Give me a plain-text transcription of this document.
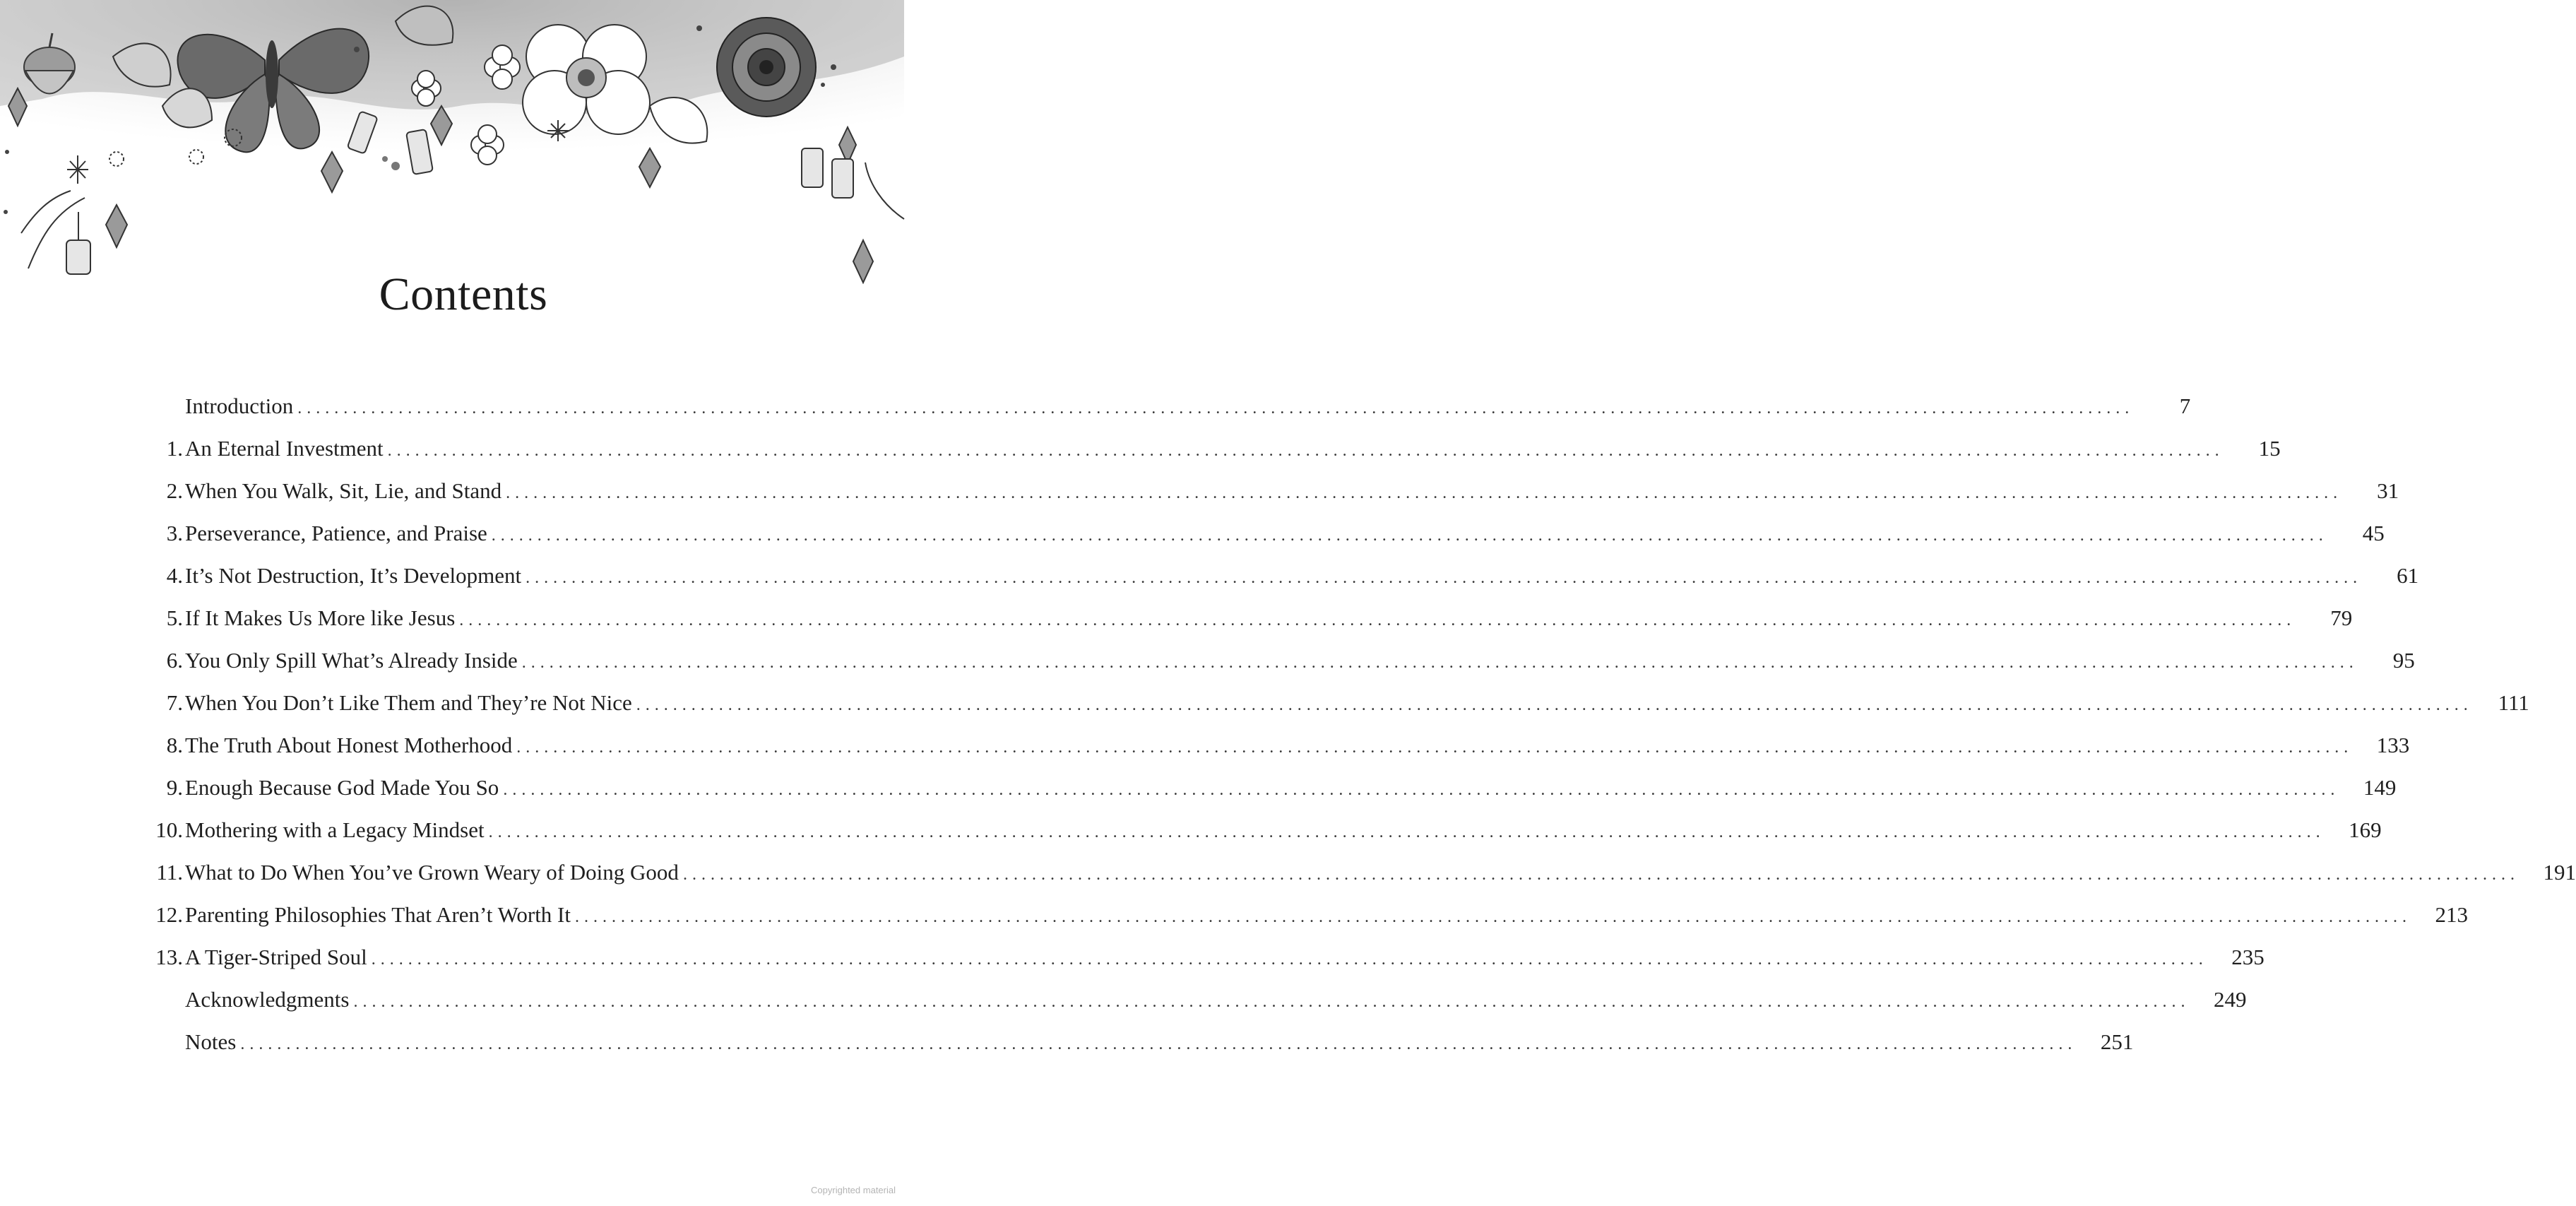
Contents
Introduction ........................................................................................................................................................................................................	7
1. An Eternal Investment ........................................................................................................................................................................................................	15
2. When You Walk, Sit, Lie, and Stand ........................................................................................................................................................................................................	31
3. Perseverance, Patience, and Praise ........................................................................................................................................................................................................	45
4. It’s Not Destruction, It’s Development ........................................................................................................................................................................................................	61
5. If It Makes Us More like Jesus ........................................................................................................................................................................................................	79
6. You Only Spill What’s Already Inside ........................................................................................................................................................................................................	95
7. When You Don’t Like Them and They’re Not Nice ........................................................................................................................................................................................................	111
8. The Truth About Honest Motherhood ........................................................................................................................................................................................................	133
9. Enough Because God Made You So ........................................................................................................................................................................................................	149
10. Mothering with a Legacy Mindset ........................................................................................................................................................................................................	169
11. What to Do When You’ve Grown Weary of Doing Good ........................................................................................................................................................................................................	191
12. Parenting Philosophies That Aren’t Worth It ........................................................................................................................................................................................................	213
13. A Tiger-Striped Soul ........................................................................................................................................................................................................	235
Acknowledgments ........................................................................................................................................................................................................	249
Notes ........................................................................................................................................................................................................	251
Copyrighted material
